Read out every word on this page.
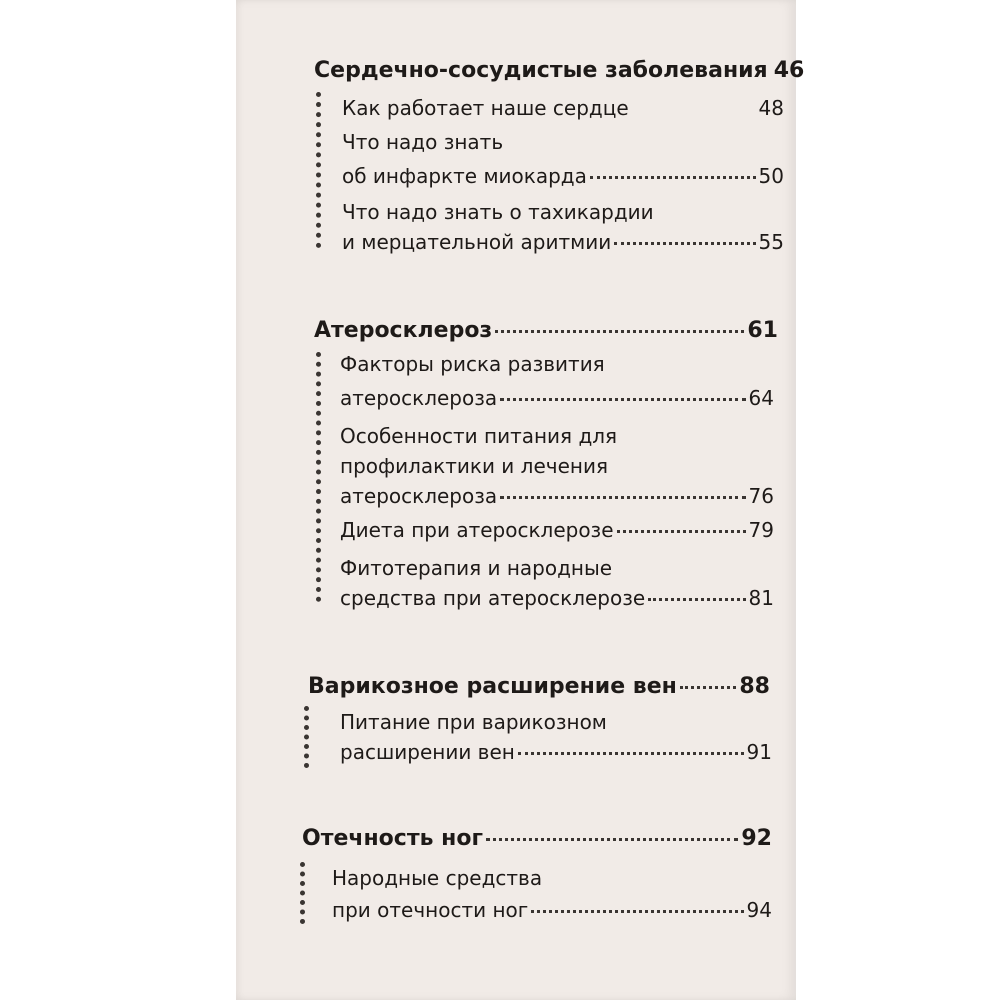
Сердечно-сосудистые заболевания 46
Как работает наше сердце	48
Что надо знать
об инфаркте миокарда	50
Что надо знать о тахикардии
и мерцательной аритмии	55
Атеросклероз	61
Факторы риска развития
атеросклероза	64
Особенности питания для
профилактики и лечения
атеросклероза	76
Диета при атеросклерозе	79
Фитотерапия и народные
средства при атеросклерозе	81
Варикозное расширение вен	88
Питание при варикозном
расширении вен	91
Отечность ног	92
Народные средства
при отечности ног	94
